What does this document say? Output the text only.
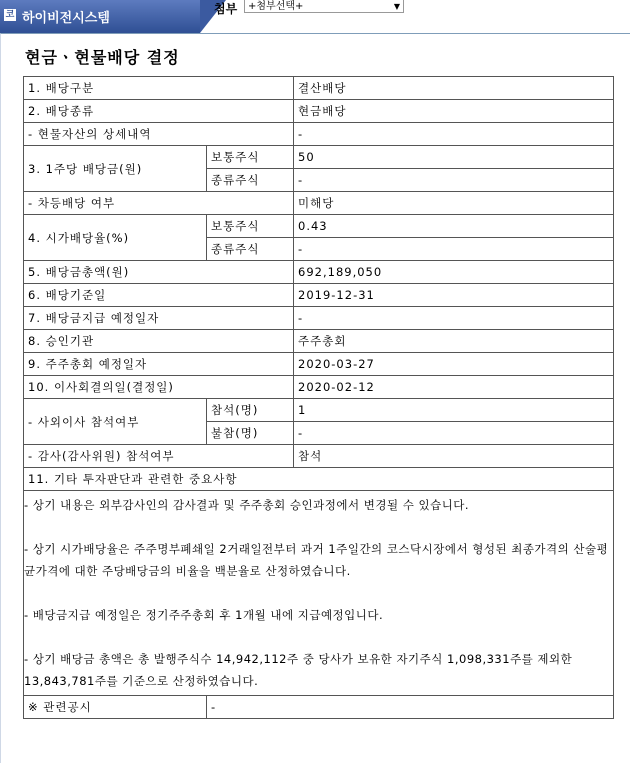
코 하이비전시스템
첨부	+첨부선택+	▼
현금ㆍ현물배당 결정
1. 배당구분		결산배당
2. 배당종류		현금배당
- 현물자산의 상세내역		-
3. 1주당 배당금(원)	보통주식	50
	종류주식	-
- 차등배당 여부		미해당
4. 시가배당율(%)	보통주식	0.43
	종류주식	-
5. 배당금총액(원)		692,189,050
6. 배당기준일		2019-12-31
7. 배당금지급 예정일자		-
8. 승인기관		주주총회
9. 주주총회 예정일자		2020-03-27
10. 이사회결의일(결정일)		2020-02-12
- 사외이사 참석여부	참석(명)	1
	불참(명)	-
- 감사(감사위원) 참석여부		참석
11. 기타 투자판단과 관련한 중요사항		

- 상기 내용은 외부감사인의 감사결과 및 주주총회 승인과정에서 변경될 수 있습니다.

- 상기 시가배당율은 주주명부폐쇄일 2거래일전부터 과거 1주일간의 코스닥시장에서 형성된 최종가격의 산술평균가격에 대한 주당배당금의 비율을 백분율로 산정하였습니다.

- 배당금지급 예정일은 정기주주총회 후 1개월 내에 지급예정입니다.

- 상기 배당금 총액은 총 발행주식수 14,942,112주 중 당사가 보유한 자기주식 1,098,331주를 제외한 13,843,781주를 기준으로 산정하였습니다.		

※ 관련공시	-	
